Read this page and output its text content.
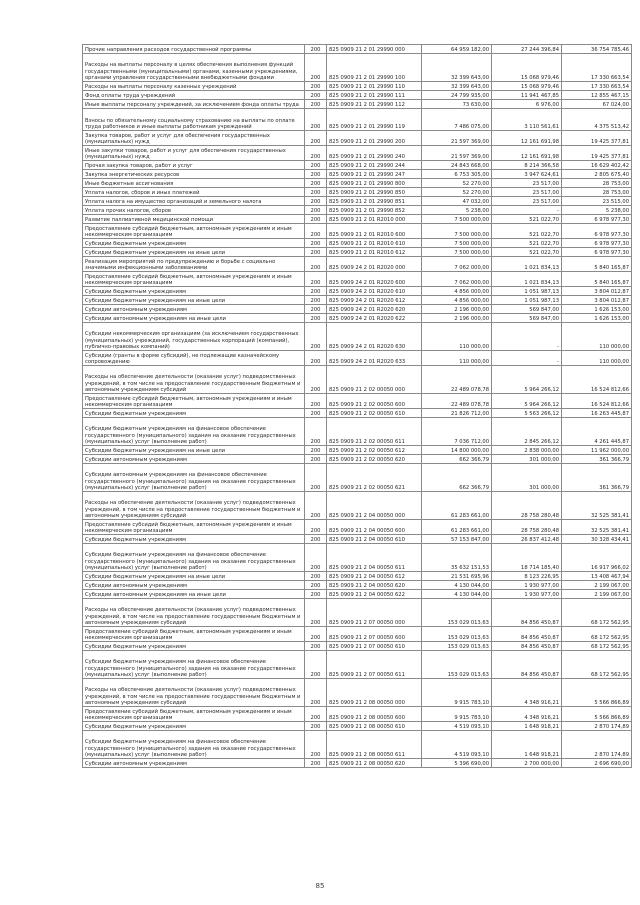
Прочие направления расходов государственной программы	200	825 0909 21 2 01 29990 000	64 959 182,00	27 244 396,84	36 754 785,46
Расходы на выплаты персоналу в целях обеспечения выполнения функций государственными (муниципальными) органами, казенными учреждениями, органами управления государственными внебюджетными фондами	200	825 0909 21 2 01 29990 100	32 399 643,00	15 068 979,46	17 330 663,54
Расходы на выплаты персоналу казенных учреждений	200	825 0909 21 2 01 29990 110	32 399 643,00	15 068 979,46	17 330 663,54
Фонд оплаты труда учреждений	200	825 0909 21 2 01 29990 111	24 799 935,00	11 941 467,85	12 855 467,15
Иные выплаты персоналу учреждений, за исключением фонда оплаты труда	200	825 0909 21 2 01 29990 112	73 630,00	6 976,00	67 024,00
Взносы по обязательному социальному страхованию на выплаты по оплате труда работников и иные выплаты работникам учреждений	200	825 0909 21 2 01 29990 119	7 486 075,00	3 110 561,61	4 375 513,42
Закупка товаров, работ и услуг для обеспечения государственных (муниципальных) нужд	200	825 0909 21 2 01 29990 200	21 597 369,00	12 161 691,98	19 425 377,81
Иные закупки товаров, работ и услуг для обеспечения государственных (муниципальных) нужд	200	825 0909 21 2 01 29990 240	21 597 369,00	12 161 691,98	19 425 377,81
Прочая закупка товаров, работ и услуг	200	825 0909 21 2 01 29990 244	24 843 668,00	8 214 366,58	16 629 402,42
Закупка энергетических ресурсов	200	825 0909 21 2 01 29990 247	6 753 305,00	3 947 624,61	2 805 675,40
Иные бюджетные ассигнования	200	825 0909 21 2 01 29990 800	52 270,00	23 517,00	28 753,00
Уплата налогов, сборов и иных платежей	200	825 0909 21 2 01 29990 850	52 270,00	23 517,00	28 753,00
Уплата налога на имущество организаций и земельного налога	200	825 0909 21 2 01 29990 851	47 032,00	23 517,00	23 515,00
Уплата прочих налогов, сборов	200	825 0909 21 2 01 29990 852	5 238,00	-	5 238,00
Развитие паллиативной медицинской помощи	200	825 0909 21 2 01 R2010 000	7 500 000,00	521 022,70	6 978 977,30
Предоставление субсидий бюджетным, автономным учреждениям и иным некоммерческим организациям	200	825 0909 21 2 01 R2010 600	7 500 000,00	521 022,70	6 978 977,30
Субсидии бюджетным учреждениям	200	825 0909 21 2 01 R2010 610	7 500 000,00	521 022,70	6 978 977,30
Субсидии бюджетным учреждениям на иные цели	200	825 0909 21 2 01 R2010 612	7 500 000,00	521 022,70	6 978 977,30
Реализация мероприятий по предупреждению и борьбе с социально значимыми инфекционными заболеваниями	200	825 0909 24 2 01 R2020 000	7 062 000,00	1 021 834,13	5 840 165,87
Предоставление субсидий бюджетным, автономным учреждениям и иным некоммерческим организациям	200	825 0909 24 2 01 R2020 600	7 062 000,00	1 021 834,13	5 840 165,87
Субсидии бюджетным учреждениям	200	825 0909 24 2 01 R2020 610	4 856 000,00	1 051 987,13	3 804 012,87
Субсидии бюджетным учреждениям на иные цели	200	825 0909 24 2 01 R2020 612	4 856 000,00	1 051 987,13	3 804 012,87
Субсидии автономным учреждениям	200	825 0909 24 2 01 R2020 620	2 196 000,00	569 847,00	1 626 153,00
Субсидии автономным учреждениям на иные цели	200	825 0909 24 2 01 R2020 622	2 196 000,00	569 847,00	1 626 153,00
Субсидии некоммерческим организациям (за исключением государственных (муниципальных) учреждений, государственных корпораций (компаний), публично-правовых компаний)	200	825 0909 24 2 01 R2020 630	110 000,00	-	110 000,00
Субсидии (гранты в форме субсидий), не подлежащие казначейскому сопровождению	200	825 0909 24 2 01 R2020 633	110 000,00	-	110 000,00
Расходы на обеспечение деятельности (оказание услуг) подведомственных учреждений, в том числе на предоставление государственным бюджетным и автономным учреждениям субсидий	200	825 0909 21 2 02 00050 000	22 489 078,78	5 964 266,12	16 524 812,66
Предоставление субсидий бюджетным, автономным учреждениям и иным некоммерческим организациям	200	825 0909 21 2 02 00050 600	22 489 078,78	5 964 266,12	16 524 812,66
Субсидии бюджетным учреждениям	200	825 0909 21 2 02 00050 610	21 826 712,00	5 563 266,12	16 263 445,87
Субсидии бюджетным учреждениям на финансовое обеспечение государственного (муниципального) задания на оказание государственных (муниципальных) услуг (выполнение работ)	200	825 0909 21 2 02 00050 611	7 036 712,00	2 845 266,12	4 261 445,87
Субсидии бюджетным учреждениям на иные цели	200	825 0909 21 2 02 00050 612	14 800 000,00	2 838 000,00	11 962 000,00
Субсидии автономным учреждениям	200	825 0909 21 2 02 00050 620	662 366,79	301 000,00	361 366,79
Субсидии автономным учреждениям на финансовое обеспечение государственного (муниципального) задания на оказание государственных (муниципальных) услуг (выполнение работ)	200	825 0909 21 2 02 00050 621	662 366,79	301 000,00	361 366,79
Расходы на обеспечение деятельности (оказание услуг) подведомственных учреждений, в том числе на предоставление государственным бюджетным и автономным учреждениям субсидий	200	825 0909 21 2 04 00050 000	61 283 661,00	28 758 280,48	32 525 381,41
Предоставление субсидий бюджетным, автономным учреждениям и иным некоммерческим организациям	200	825 0909 21 2 04 00050 600	61 283 661,00	28 758 280,48	32 525 381,41
Субсидии бюджетным учреждениям	200	825 0909 21 2 04 00050 610	57 153 847,00	26 837 412,48	30 328 434,41
Субсидии бюджетным учреждениям на финансовое обеспечение государственного (муниципального) задания на оказание государственных (муниципальных) услуг (выполнение работ)	200	825 0909 21 2 04 00050 611	35 632 151,53	18 714 185,40	16 917 966,02
Субсидии бюджетным учреждениям на иные цели	200	825 0909 21 2 04 00050 612	21 531 695,96	8 123 226,95	13 408 467,94
Субсидии автономным учреждениям	200	825 0909 21 2 04 00050 620	4 130 044,00	1 930 977,00	2 199 067,00
Субсидии автономным учреждениям на иные цели	200	825 0909 21 2 04 00050 622	4 130 044,00	1 930 977,00	2 199 067,00
Расходы на обеспечение деятельности (оказание услуг) подведомственных учреждений, в том числе на предоставление государственным бюджетным и автономным учреждениям субсидий	200	825 0909 21 2 07 00050 000	153 029 013,63	84 856 450,87	68 172 562,95
Предоставление субсидий бюджетным, автономным учреждениям и иным некоммерческим организациям	200	825 0909 21 2 07 00050 600	153 029 013,63	84 856 450,87	68 172 562,95
Субсидии бюджетным учреждениям	200	825 0909 21 2 07 00050 610	153 029 013,63	84 856 450,87	68 172 562,95
Субсидии бюджетным учреждениям на финансовое обеспечение государственного (муниципального) задания на оказание государственных (муниципальных) услуг (выполнение работ)	200	825 0909 21 2 07 00050 611	153 029 013,63	84 856 450,87	68 172 562,95
Расходы на обеспечение деятельности (оказание услуг) подведомственных учреждений, в том числе на предоставление государственным бюджетным и автономным учреждениям субсидий	200	825 0909 21 2 08 00050 000	9 915 783,10	4 348 916,21	5 566 866,89
Предоставление субсидий бюджетным, автономным учреждениям и иным некоммерческим организациям	200	825 0909 21 2 08 00050 600	9 915 783,10	4 348 916,21	5 566 866,89
Субсидии бюджетным учреждениям	200	825 0909 21 2 08 00050 610	4 519 093,10	1 648 918,21	2 870 174,89
Субсидии бюджетным учреждениям на финансовое обеспечение государственного (муниципального) задания на оказание государственных (муниципальных) услуг (выполнение работ)	200	825 0909 21 2 08 00050 611	4 519 093,10	1 648 918,21	2 870 174,89
Субсидии автономным учреждениям	200	825 0909 21 2 08 00050 620	5 396 690,00	2 700 000,00	2 696 690,00
85
